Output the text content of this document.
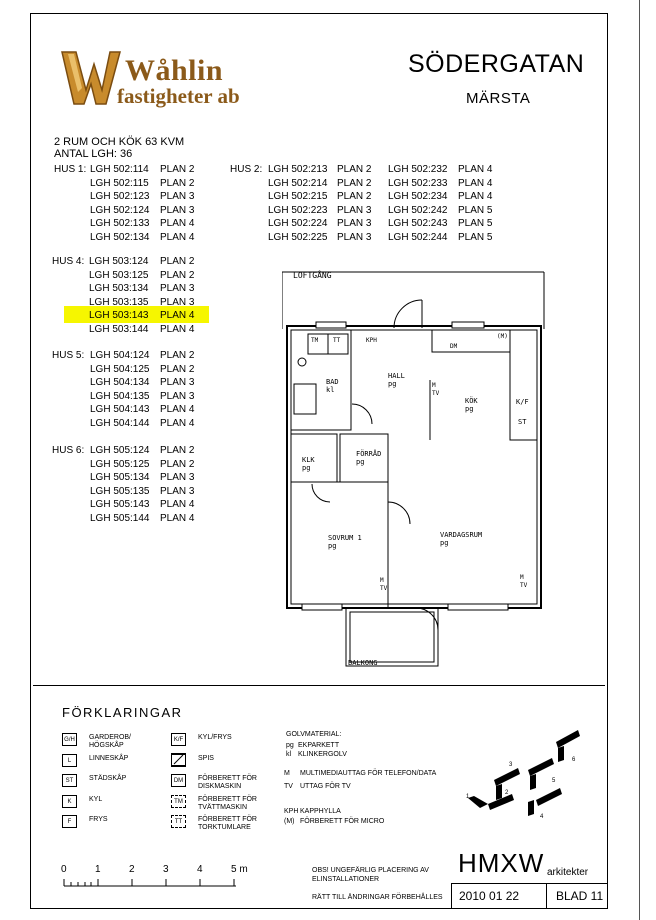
Wåhlin
fastigheter ab
SÖDERGATAN
MÄRSTA
2 RUM OCH KÖK 63 KVM
ANTAL LGH: 36
HUS 1: LGH 502:114 PLAN 2
LGH 502:115 PLAN 2
LGH 502:123 PLAN 3
LGH 502:124 PLAN 3
LGH 502:133 PLAN 4
LGH 502:134 PLAN 4
HUS 2: LGH 502:213 PLAN 2 LGH 502:232 PLAN 4
LGH 502:214 PLAN 2 LGH 502:233 PLAN 4
LGH 502:215 PLAN 2 LGH 502:234 PLAN 4
LGH 502:223 PLAN 3 LGH 502:242 PLAN 5
LGH 502:224 PLAN 3 LGH 502:243 PLAN 5
LGH 502:225 PLAN 3 LGH 502:244 PLAN 5
HUS 4: LGH 503:124 PLAN 2
LGH 503:125 PLAN 2
LGH 503:134 PLAN 3
LGH 503:135 PLAN 3
LGH 503:143 PLAN 4
LGH 503:144 PLAN 4
HUS 5: LGH 504:124 PLAN 2
LGH 504:125 PLAN 2
LGH 504:134 PLAN 3
LGH 504:135 PLAN 3
LGH 504:143 PLAN 4
LGH 504:144 PLAN 4
HUS 6: LGH 505:124 PLAN 2
LGH 505:125 PLAN 2
LGH 505:134 PLAN 3
LGH 505:135 PLAN 3
LGH 505:143 PLAN 4
LGH 505:144 PLAN 4
LOFTGÅNG
BALKONG
HALL
pg
BAD
kl
KÖK
pg
FÖRRÅD
pg
KLK
pg
SOVRUM 1
pg
VARDAGSRUM
pg
M
TV
M
TV
M
TV
KPH
TM TT
DM
(M)
K/F
ST
FÖRKLARINGAR
G/H	GARDEROB/ HÖGSKÅP
L	LINNESKÅP
ST	STÄDSKÅP
K	KYL
F	FRYS
K/F	KYL/FRYS
SPIS
DM	FÖRBERETT FÖR DISKMASKIN
TM	FÖRBERETT FÖR TVÄTTMASKIN
TT	FÖRBERETT FÖR TORKTUMLARE
GOLVMATERIAL:
pg EKPARKETT
kl KLINKERGOLV
M MULTIMEDIAUTTAG FÖR TELEFON/DATA
TV UTTAG FÖR TV
KPH KAPPHYLLA
(M) FÖRBERETT FÖR MICRO
1
2
3
4
5
6
0	1	2	3	4	5 m	OBS! UNGEFÄRLIG PLACERING AV ELINSTALLATIONER
RÄTT TILL ÄNDRINGAR FÖRBEHÅLLES
HMXW arkitekter
2010 01 22	BLAD 11
